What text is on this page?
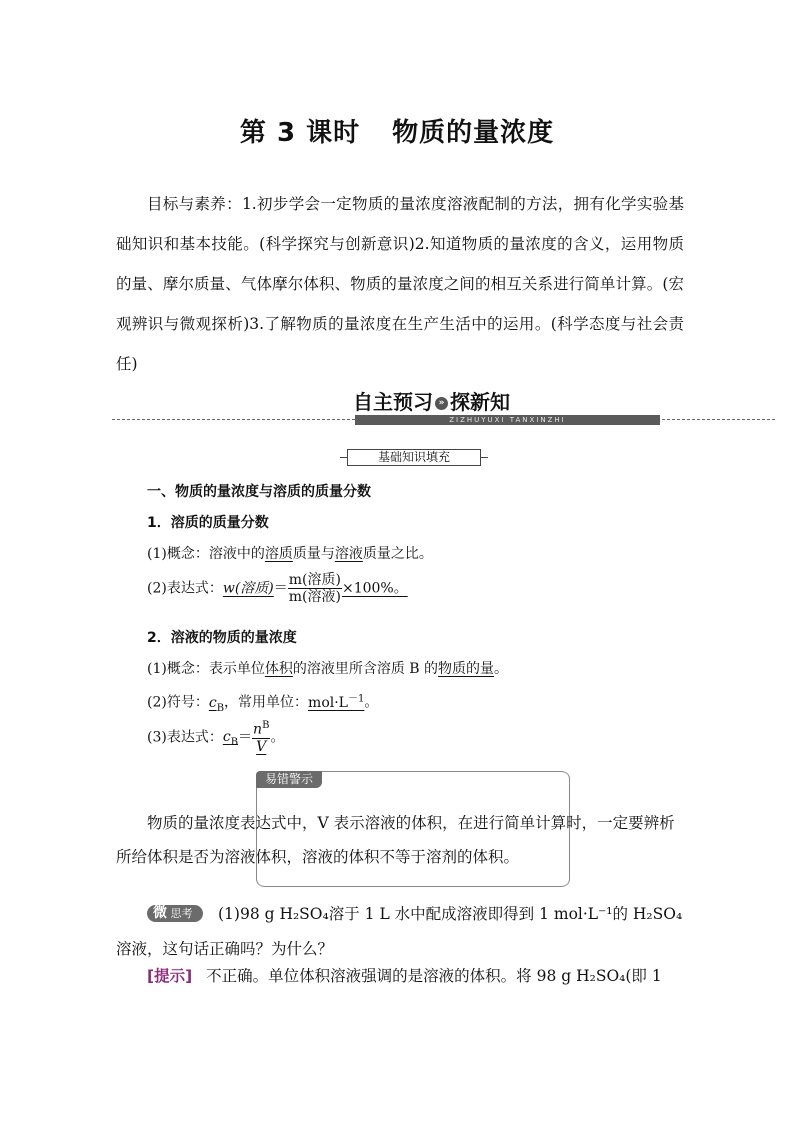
第 3 课时 物质的量浓度
目标与素养：1.初步学会一定物质的量浓度溶液配制的方法，拥有化学实验基础知识和基本技能。(科学探究与创新意识)2.知道物质的量浓度的含义，运用物质的量、摩尔质量、气体摩尔体积、物质的量浓度之间的相互关系进行简单计算。(宏观辨识与微观探析)3.了解物质的量浓度在生产生活中的运用。(科学态度与社会责任)
自主预习 » 探新知
ZIZHUYUXI TANXINZHI
基础知识填充
一、物质的量浓度与溶质的质量分数
1．溶质的质量分数
(1)概念：溶液中的溶质质量与溶液质量之比。
(2)表达式：w(溶质)＝ $\frac{\text{m(溶质)}}{\text{m(溶液)}} \times 100\%$。
2．溶液的物质的量浓度
(1)概念：表示单位体积的溶液里所含溶质 B 的物质的量。
(2)符号：$c_B$，常用单位：$mol\cdot L^{-1}$。
(3)表达式：$c_B= \frac{n^B}{V}$ 。
易错警示
物质的量浓度表达式中，V 表示溶液的体积，在进行简单计算时，一定要辨析所给体积是否为溶液体积，溶液的体积不等于溶剂的体积。
微 思考	(1)98 g H₂SO₄溶于 1 L 水中配成溶液即得到 1 mol·L⁻¹的 H₂SO₄溶液，这句话正确吗？为什么？
[提示] 不正确。单位体积溶液强调的是溶液的体积。将 98 g H₂SO₄(即 1
